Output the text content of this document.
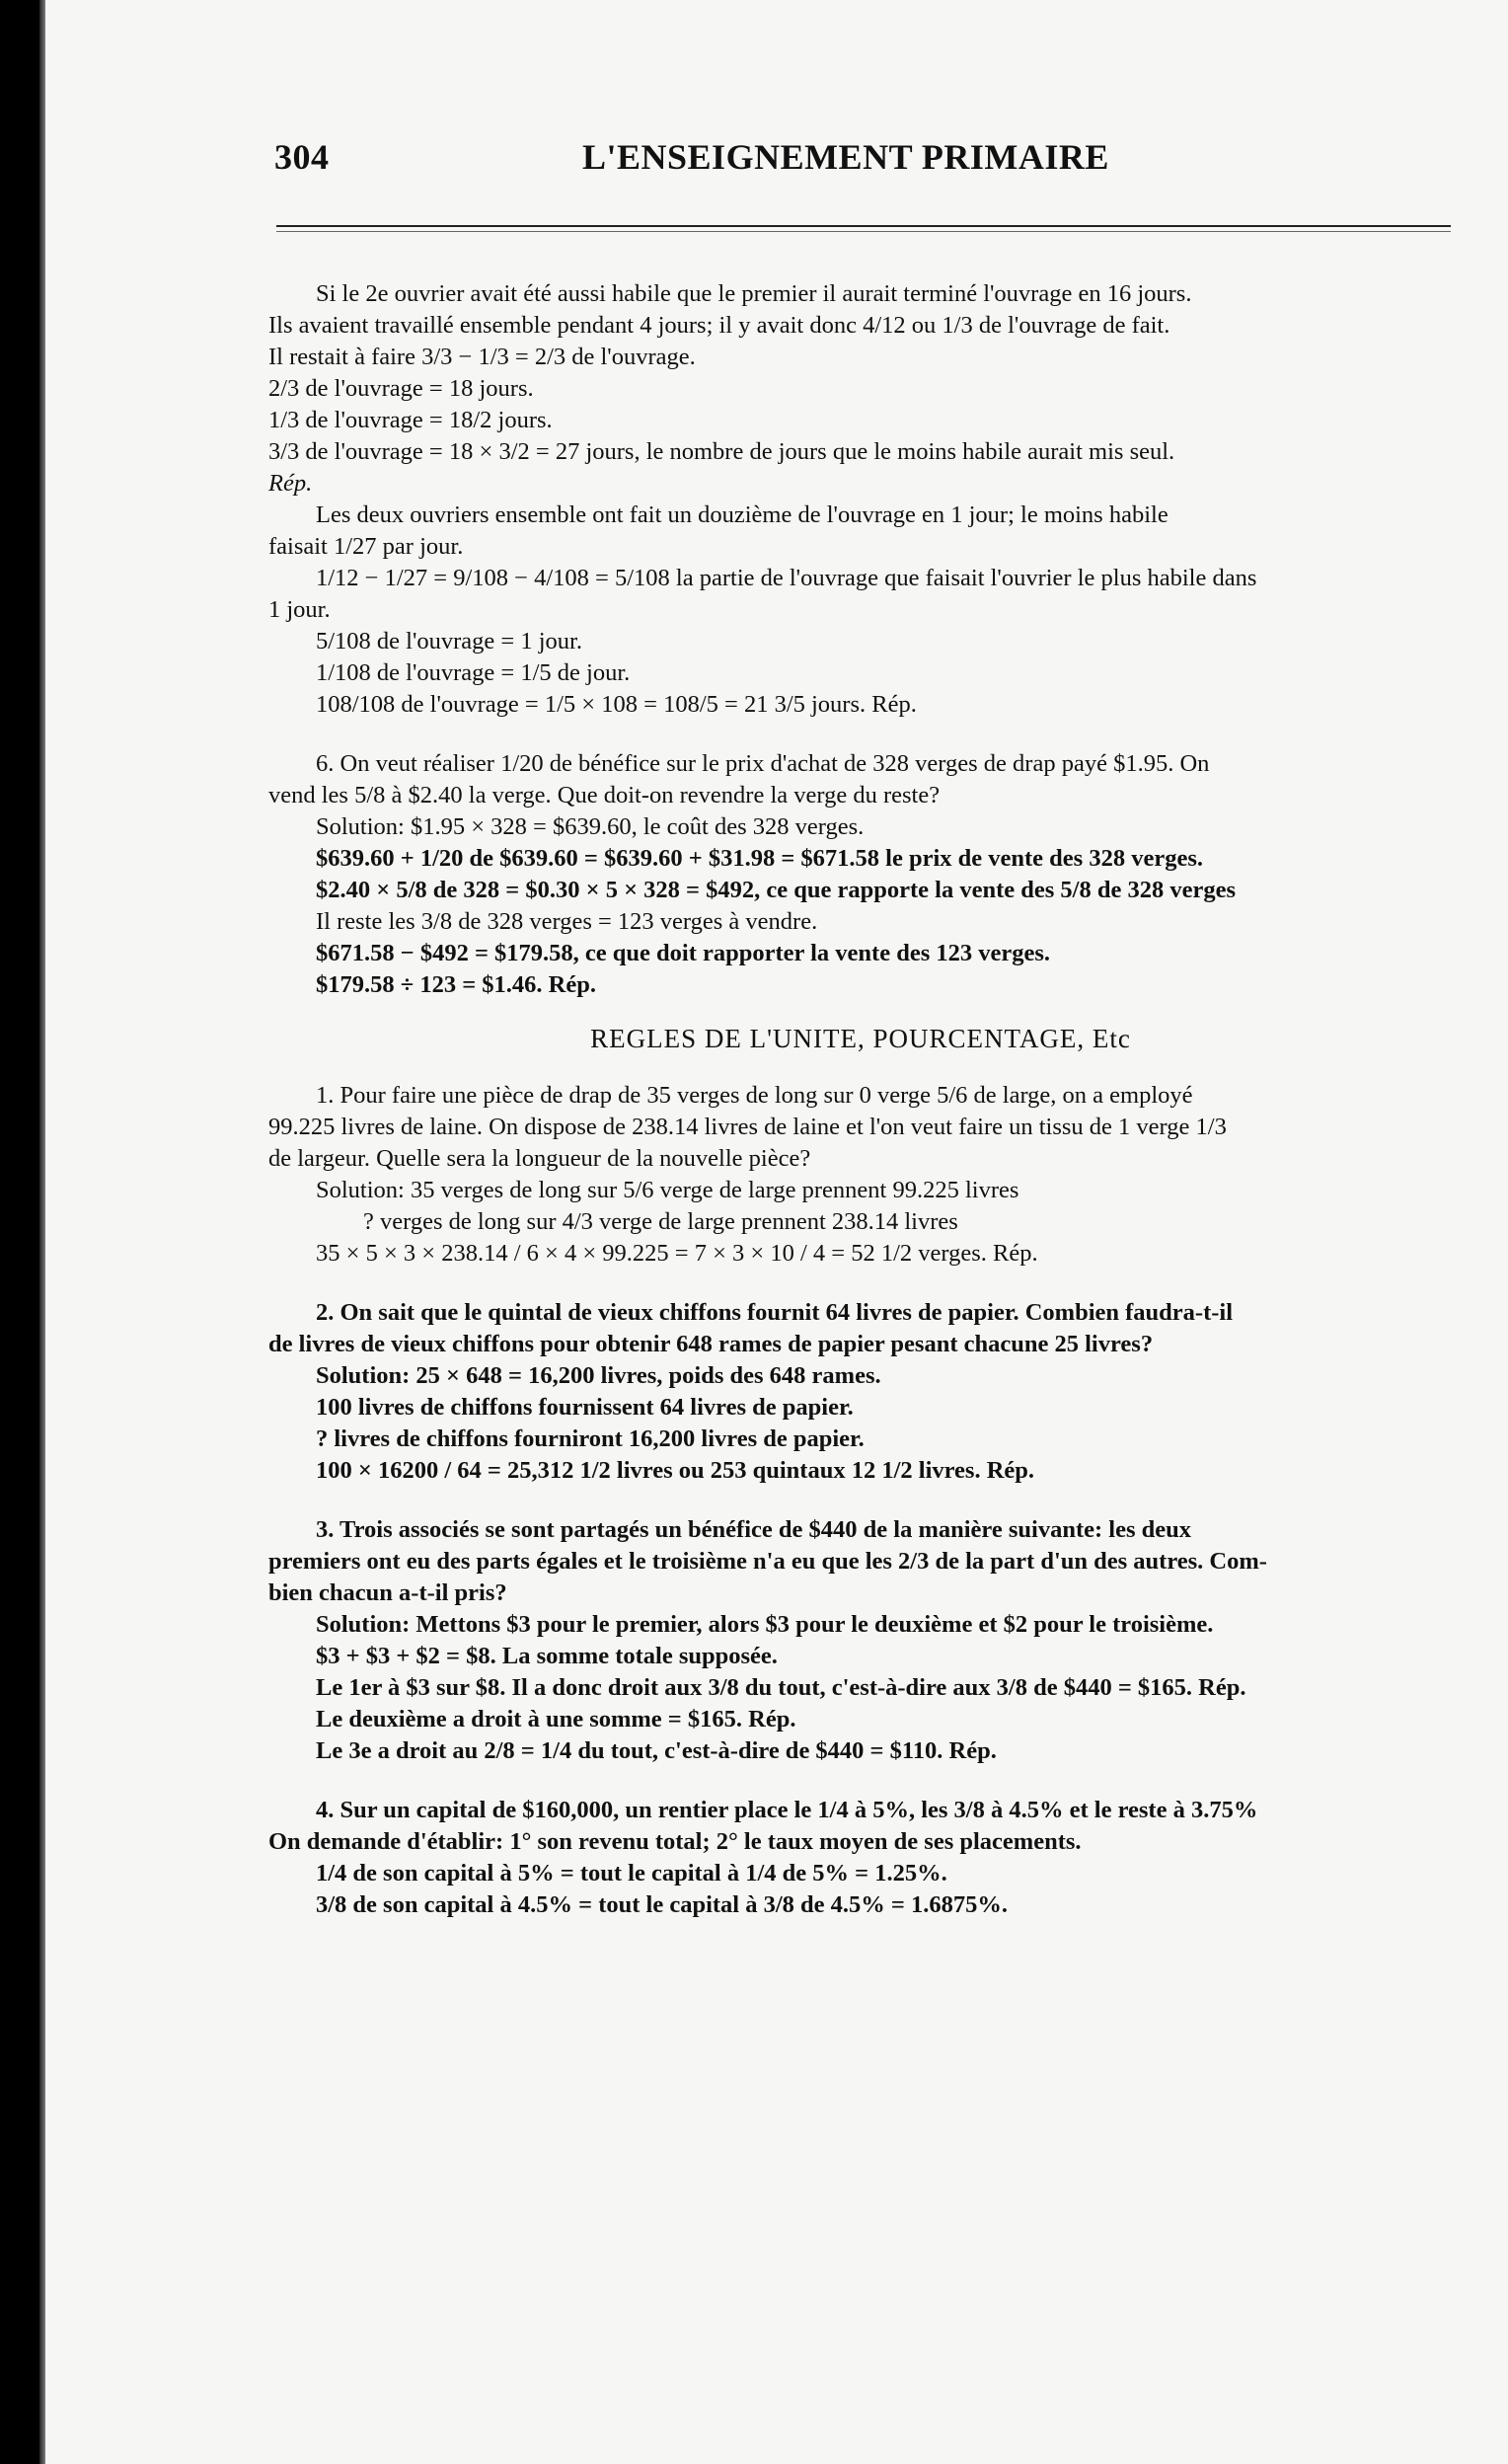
304	L'ENSEIGNEMENT PRIMAIRE
Si le 2e ouvrier avait été aussi habile que le premier il aurait terminé l'ouvrage en 16 jours.
Ils avaient travaillé ensemble pendant 4 jours; il y avait donc 4/12 ou 1/3 de l'ouvrage de fait.
Il restait à faire 3/3 − 1/3 = 2/3 de l'ouvrage.
2/3 de l'ouvrage = 18 jours.
1/3 de l'ouvrage = 18/2 jours.
3/3 de l'ouvrage = 18 × 3/2 = 27 jours, le nombre de jours que le moins habile aurait mis seul.
Rép.
Les deux ouvriers ensemble ont fait un douzième de l'ouvrage en 1 jour; le moins habile
faisait 1/27 par jour.
1/12 − 1/27 = 9/108 − 4/108 = 5/108 la partie de l'ouvrage que faisait l'ouvrier le plus habile dans
1 jour.
5/108 de l'ouvrage = 1 jour.
1/108 de l'ouvrage = 1/5 de jour.
108/108 de l'ouvrage = 1/5 × 108 = 108/5 = 21 3/5 jours. Rép.
6. On veut réaliser 1/20 de bénéfice sur le prix d'achat de 328 verges de drap payé $1.95. On
vend les 5/8 à $2.40 la verge. Que doit-on revendre la verge du reste?
Solution: $1.95 × 328 = $639.60, le coût des 328 verges.
$639.60 + 1/20 de $639.60 = $639.60 + $31.98 = $671.58 le prix de vente des 328 verges.
$2.40 × 5/8 de 328 = $0.30 × 5 × 328 = $492, ce que rapporte la vente des 5/8 de 328 verges
Il reste les 3/8 de 328 verges = 123 verges à vendre.
$671.58 − $492 = $179.58, ce que doit rapporter la vente des 123 verges.
$179.58 ÷ 123 = $1.46. Rép.
REGLES DE L'UNITE, POURCENTAGE, Etc
1. Pour faire une pièce de drap de 35 verges de long sur 0 verge 5/6 de large, on a employé
99.225 livres de laine. On dispose de 238.14 livres de laine et l'on veut faire un tissu de 1 verge 1/3
de largeur. Quelle sera la longueur de la nouvelle pièce?
Solution: 35 verges de long sur 5/6 verge de large prennent 99.225 livres
? verges de long sur 4/3 verge de large prennent 238.14 livres
35 × 5 × 3 × 238.14 / 6 × 4 × 99.225 = 7 × 3 × 10 / 4 = 52 1/2 verges. Rép.
2. On sait que le quintal de vieux chiffons fournit 64 livres de papier. Combien faudra-t-il
de livres de vieux chiffons pour obtenir 648 rames de papier pesant chacune 25 livres?
Solution: 25 × 648 = 16,200 livres, poids des 648 rames.
100 livres de chiffons fournissent 64 livres de papier.
? livres de chiffons fourniront 16,200 livres de papier.
100 × 16200 / 64 = 25,312 1/2 livres ou 253 quintaux 12 1/2 livres. Rép.
3. Trois associés se sont partagés un bénéfice de $440 de la manière suivante: les deux
premiers ont eu des parts égales et le troisième n'a eu que les 2/3 de la part d'un des autres. Com-
bien chacun a-t-il pris?
Solution: Mettons $3 pour le premier, alors $3 pour le deuxième et $2 pour le troisième.
$3 + $3 + $2 = $8. La somme totale supposée.
Le 1er à $3 sur $8. Il a donc droit aux 3/8 du tout, c'est-à-dire aux 3/8 de $440 = $165. Rép.
Le deuxième a droit à une somme = $165. Rép.
Le 3e a droit au 2/8 = 1/4 du tout, c'est-à-dire de $440 = $110. Rép.
4. Sur un capital de $160,000, un rentier place le 1/4 à 5%, les 3/8 à 4.5% et le reste à 3.75%
On demande d'établir: 1° son revenu total; 2° le taux moyen de ses placements.
1/4 de son capital à 5% = tout le capital à 1/4 de 5% = 1.25%.
3/8 de son capital à 4.5% = tout le capital à 3/8 de 4.5% = 1.6875%.
